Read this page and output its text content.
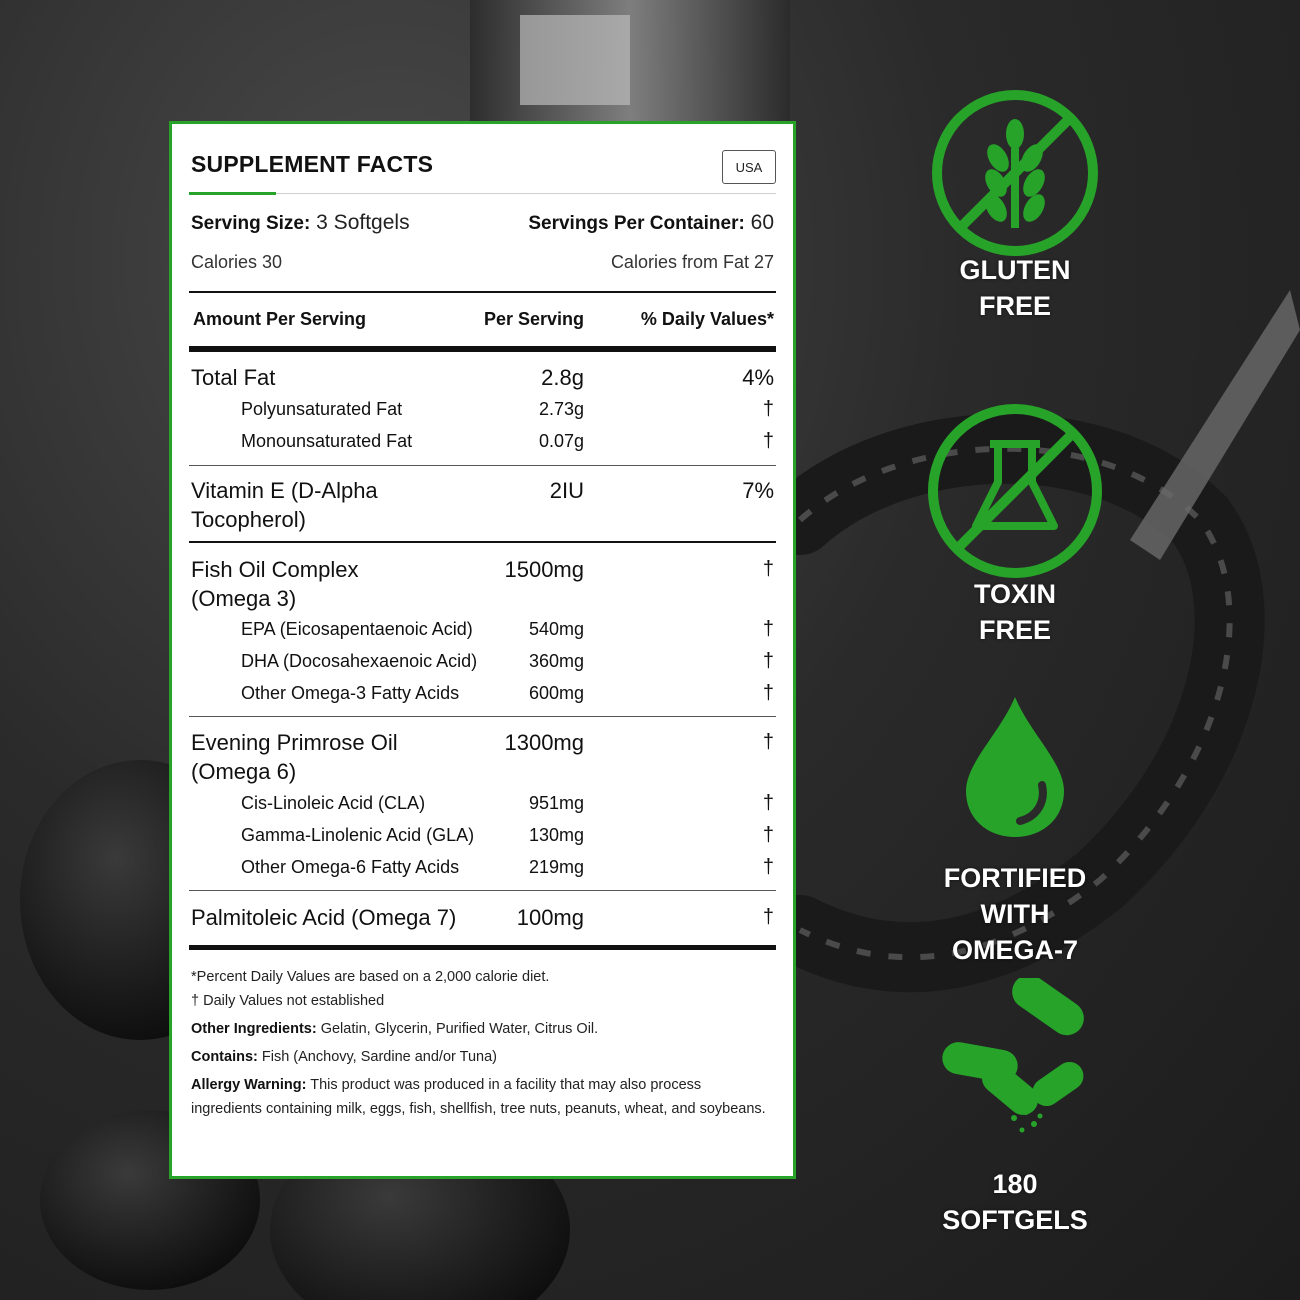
SUPPLEMENT FACTS	USA
Serving Size: 3 Softgels	Servings Per Container: 60
Calories 30	Calories from Fat 27
Amount Per Serving	Per Serving	% Daily Values*
Total Fat	2.8g	4%
Polyunsaturated Fat	2.73g	†
Monounsaturated Fat	0.07g	†
Vitamin E (D-Alpha
Tocopherol)
2IU	7%
Fish Oil Complex
(Omega 3)
1500mg	†
EPA (Eicosapentaenoic Acid)	540mg	†
DHA (Docosahexaenoic Acid)	360mg	†
Other Omega-3 Fatty Acids	600mg	†
Evening Primrose Oil
(Omega 6)
1300mg	†
Cis-Linoleic Acid (CLA)	951mg	†
Gamma-Linolenic Acid (GLA)	130mg	†
Other Omega-6 Fatty Acids	219mg	†
Palmitoleic Acid (Omega 7)	100mg	†
*Percent Daily Values are based on a 2,000 calorie diet.
† Daily Values not established
Other Ingredients: Gelatin, Glycerin, Purified Water, Citrus Oil.
Contains: Fish (Anchovy, Sardine and/or Tuna)
Allergy Warning: This product was produced in a facility that may also process ingredients containing milk, eggs, fish, shellfish, tree nuts, peanuts, wheat, and soybeans.
GLUTEN
FREE
TOXIN
FREE
FORTIFIED WITH
OMEGA-7
180
SOFTGELS
